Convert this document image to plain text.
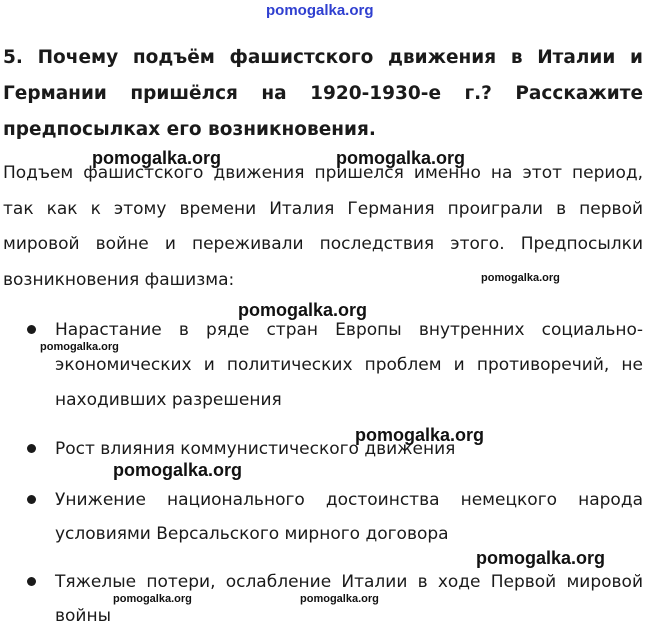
5. Почему подъём фашистского движения в Италии и Германии пришёлся на 1920-1930-е г.? Расскажите предпосылках его возникновения.

Подъем фашистского движения пришелся именно на этот период, так как к этому времени Италия Германия проиграли в первой мировой войне и переживали последствия этого. Предпосылки возникновения фашизма:

Нарастание в ряде стран Европы внутренних социально-экономических и политических проблем и противоречий, не находивших разрешения

Рост влияния коммунистического движения

Унижение национального достоинства немецкого народа условиями Версальского мирного договора

Тяжелые потери, ослабление Италии в ходе Первой мировой войны

pomogalka.org
pomogalka.org	pomogalka.org
pomogalka.org
pomogalka.org
pomogalka.org
pomogalka.org
pomogalka.org
pomogalka.org
pomogalka.org	pomogalka.org
